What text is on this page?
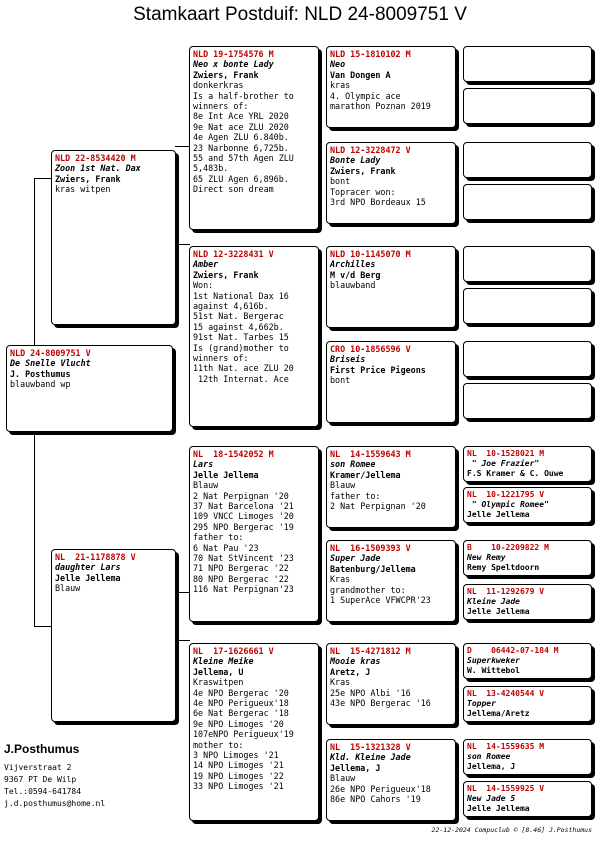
Stamkaart Postduif: NLD 24-8009751 V
NLD 24-8009751 V
De Snelle Vlucht
J. Posthumus
blauwband wp
NLD 22-8534420 M
Zoon 1st Nat. Dax
Zwiers, Frank
kras witpen
NL  21-1178878 V
daughter Lars
Jelle Jellema
Blauw
NLD 19-1754576 M
Neo x bonte Lady
Zwiers, Frank
donkerkras
Is a half-brother to
winners of:
8e Int Ace YRL 2020
9e Nat ace ZLU 2020
4e Agen ZLU 6.840b.
23 Narbonne 6,725b.
55 and 57th Agen ZLU
5,483b.
65 ZLU Agen 6,896b.
Direct son dream
NLD 12-3228431 V
Amber
Zwiers, Frank
Won:
1st National Dax 16
against 4,616b.
51st Nat. Bergerac
15 against 4,662b.
91st Nat. Tarbes 15
Is (grand)mother to
winners of:
11th Nat. ace ZLU 20
12th Internat. Ace
NL  18-1542052 M
Lars
Jelle Jellema
Blauw
2 Nat Perpignan '20
37 Nat Barcelona '21
109 VNCC Limoges '20
295 NPO Bergerac '19
father to:
6 Nat Pau '23
70 Nat StVincent '23
71 NPO Bergerac '22
80 NPO Bergerac '22
116 Nat Perpignan'23
NL  17-1626661 V
Kleine Meike
Jellema, U
Kraswitpen
4e NPO Bergerac '20
4e NPO Perigueux'18
6e Nat Bergerac '18
9e NPO Limoges '20
107eNPO Perigueux'19
mother to:
3 NPO Limoges '21
14 NPO Limoges '21
19 NPO Limoges '22
33 NPO Limoges '21
NLD 15-1810102 M
Neo
Van Dongen A
kras
4. Olympic ace
marathon Poznan 2019
NLD 12-3228472 V
Bonte Lady
Zwiers, Frank
bont
Topracer won:
3rd NPO Bordeaux 15
NLD 10-1145070 M
Archilles
M v/d Berg
blauwband
CRO 10-1856596 V
Briseis
First Price Pigeons
bont
NL  14-1559643 M
son Romee
Kramer/Jellema
Blauw
father to:
2 Nat Perpignan '20
NL  16-1509393 V
Super Jade
Batenburg/Jellema
Kras
grandmother to:
1 SuperAce VFWCPR'23
NL  15-4271812 M
Mooie kras
Aretz, J
Kras
25e NPO Albi '16
43e NPO Bergerac '16
NL  15-1321328 V
Kld. Kleine Jade
Jellema, J
Blauw
26e NPO Perigueux'18
86e NPO Cahors '19
NL  10-1528021 M
" Joe Frazier"
F.S Kramer & C. Ouwe
NL  10-1221795 V
" Olympic Romee"
Jelle Jellema
B    10-2209822 M
New Remy
Remy Speltdoorn
NL  11-1292679 V
Kleine Jade
Jelle Jellema
D    06442-07-184 M
Superkweker
W. Wittebol
NL  13-4240544 V
Topper
Jellema/Aretz
NL  14-1559635 M
son Romee
Jellema, J
NL  14-1559925 V
New Jade 5
Jelle Jellema
J.Posthumus
Vijverstraat 2
9367 PT De Wilp
Tel.:0594-641784
j.d.posthumus@home.nl
22-12-2024 Compuclub © [8.46] J.Posthumus
